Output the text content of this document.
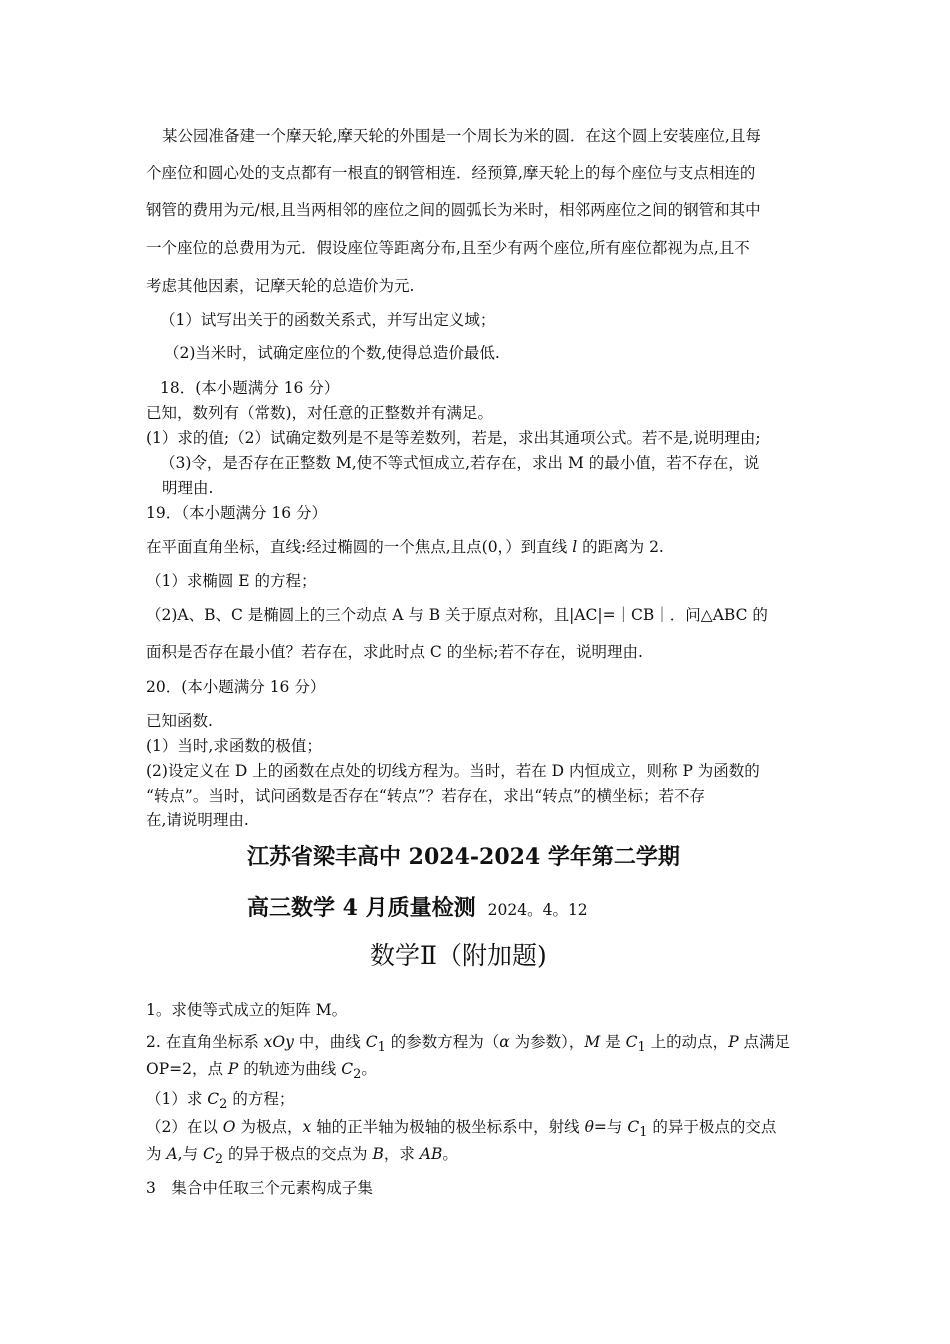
某公园准备建一个摩天轮,摩天轮的外围是一个周长为米的圆．在这个圆上安装座位,且每
个座位和圆心处的支点都有一根直的钢管相连．经预算,摩天轮上的每个座位与支点相连的
钢管的费用为元/根,且当两相邻的座位之间的圆弧长为米时，相邻两座位之间的钢管和其中
一个座位的总费用为元．假设座位等距离分布,且至少有两个座位,所有座位都视为点,且不
考虑其他因素，记摩天轮的总造价为元.
（1）试写出关于的函数关系式，并写出定义域；
（2)当米时，试确定座位的个数,使得总造价最低.
18．(本小题满分 16 分）
已知，数列有（常数)，对任意的正整数并有满足。
(1）求的值;（2）试确定数列是不是等差数列，若是，求出其通项公式。若不是,说明理由;
（3)令，是否存在正整数 M,使不等式恒成立,若存在，求出 M 的最小值，若不存在，说
明理由.
19．（本小题满分 16 分）
在平面直角坐标，直线:经过椭圆的一个焦点,且点(0，）到直线 l 的距离为 2.
（1）求椭圆 E 的方程；
（2)A、B、C 是椭圆上的三个动点 A 与 B 关于原点对称，且|AC|=｜CB｜．问△ABC 的
面积是否存在最小值？若存在，求此时点 C 的坐标;若不存在，说明理由.
20．(本小题满分 16 分）
已知函数.
(1）当时,求函数的极值；
(2)设定义在 D 上的函数在点处的切线方程为。当时，若在 D 内恒成立，则称 P 为函数的
“转点”。当时，试问函数是否存在“转点”？若存在，求出“转点”的横坐标；若不存
在,请说明理由.
江苏省梁丰高中 2024-2024 学年第二学期
高三数学 4 月质量检测 2024。4。12
数学Ⅱ（附加题)
1。求使等式成立的矩阵 M。
2. 在直角坐标系 xOy 中，曲线 $C_1$ 的参数方程为（α 为参数），M 是 $C_1$ 上的动点，P 点满足
OP=2，点 P 的轨迹为曲线 $C_2$。
（1）求 $C_2$ 的方程；
（2）在以 O 为极点，x 轴的正半轴为极轴的极坐标系中，射线 θ=与 $C_1$ 的异于极点的交点
为 A,与 $C_2$ 的异于极点的交点为 B，求 AB。
3　集合中任取三个元素构成子集
